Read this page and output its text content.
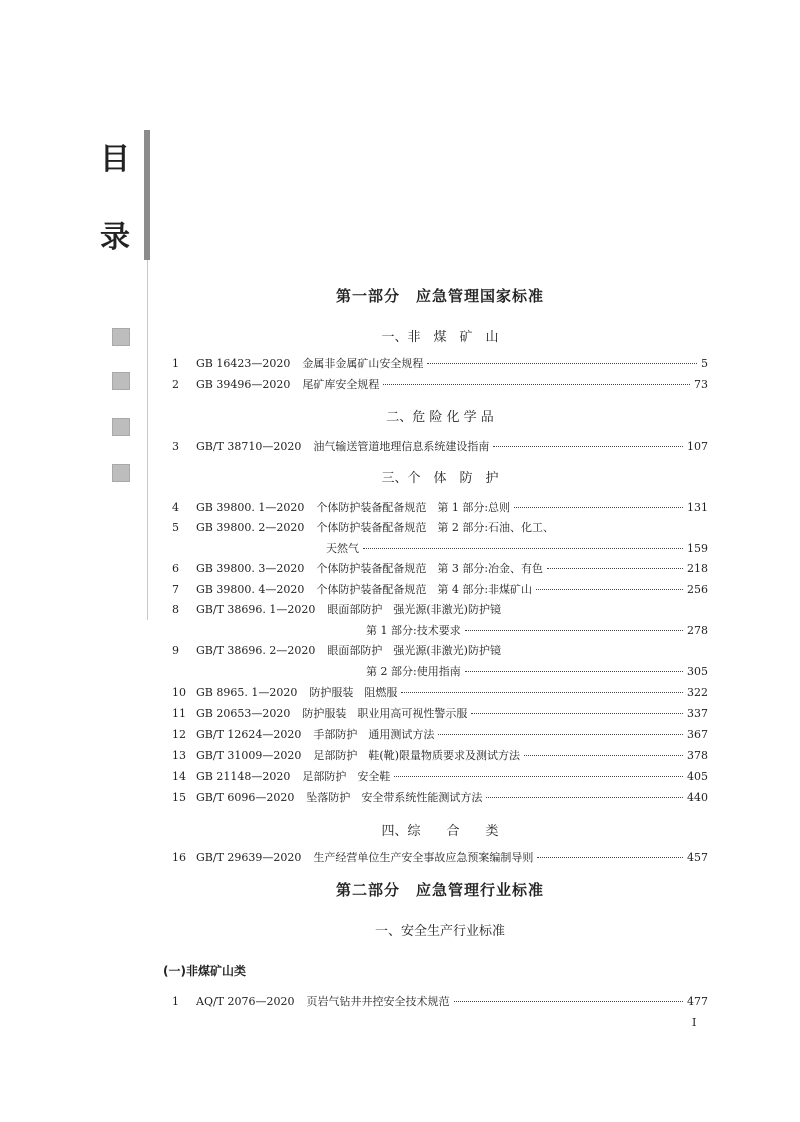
目
录
第一部分　应急管理国家标准
一、非　煤　矿　山
二、危 险 化 学 品
三、个　体　防　护
四、综　　合　　类
第二部分　应急管理行业标准
一、安全生产行业标准
(一)非煤矿山类
1	GB 16423—2020 金属非金属矿山安全规程	5
2	GB 39496—2020 尾矿库安全规程	73
3	GB/T 38710—2020 油气输送管道地理信息系统建设指南	107
4	GB 39800. 1—2020 个体防护装备配备规范　第 1 部分:总则	131
5	GB 39800. 2—2020 个体防护装备配备规范　第 2 部分:石油、化工、
天然气	159
6	GB 39800. 3—2020 个体防护装备配备规范　第 3 部分:冶金、有色	218
7	GB 39800. 4—2020 个体防护装备配备规范　第 4 部分:非煤矿山	256
8	GB/T 38696. 1—2020 眼面部防护　强光源(非激光)防护镜
第 1 部分:技术要求	278
9	GB/T 38696. 2—2020 眼面部防护　强光源(非激光)防护镜
第 2 部分:使用指南	305
10 GB 8965. 1—2020 防护服装　阻燃服	322
11 GB 20653—2020 防护服装　职业用高可视性警示服	337
12 GB/T 12624—2020 手部防护　通用测试方法	367
13 GB/T 31009—2020 足部防护　鞋(靴)限量物质要求及测试方法	378
14 GB 21148—2020 足部防护　安全鞋	405
15 GB/T 6096—2020 坠落防护　安全带系统性能测试方法	440
16 GB/T 29639—2020 生产经营单位生产安全事故应急预案编制导则	457
1	AQ/T 2076—2020 页岩气钻井井控安全技术规范	477
I
